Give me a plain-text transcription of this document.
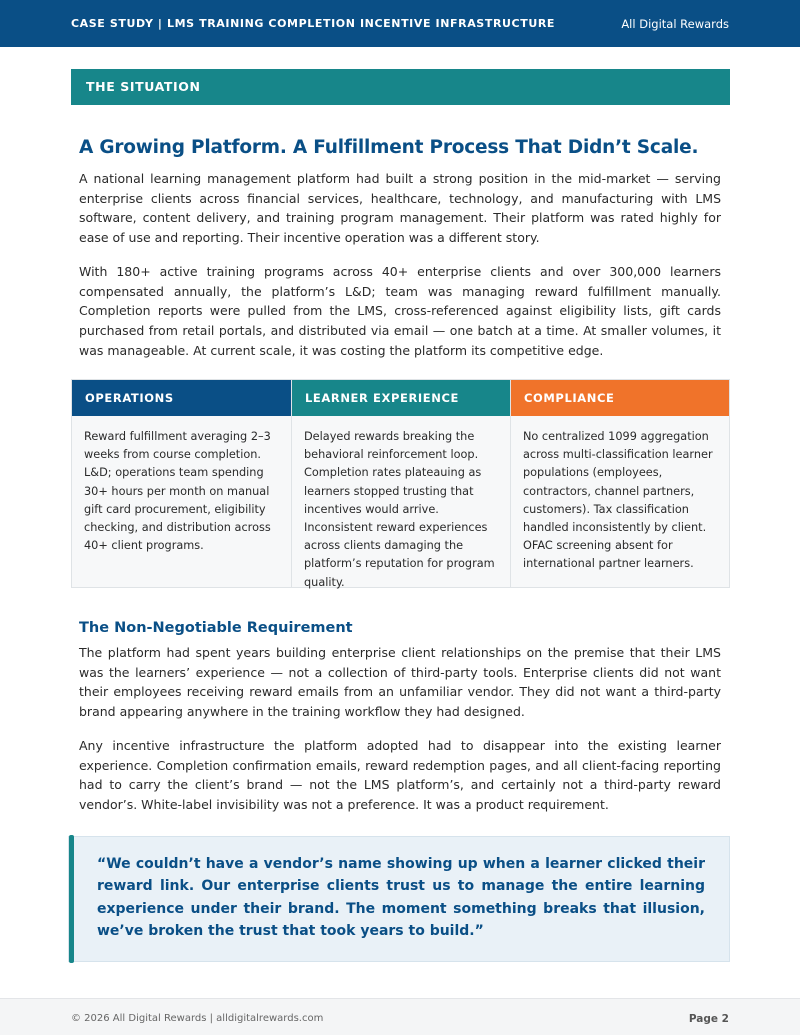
CASE STUDY | LMS TRAINING COMPLETION INCENTIVE INFRASTRUCTURE	All Digital Rewards
THE SITUATION
A Growing Platform. A Fulfillment Process That Didn’t Scale.

A national learning management platform had built a strong position in the mid-market — serving enterprise clients across financial services, healthcare, technology, and manufacturing with LMS software, content delivery, and training program management. Their platform was rated highly for ease of use and reporting. Their incentive operation was a different story.

With 180+ active training programs across 40+ enterprise clients and over 300,000 learners compensated annually, the platform’s L&D; team was managing reward fulfillment manually. Completion reports were pulled from the LMS, cross-referenced against eligibility lists, gift cards purchased from retail portals, and distributed via email — one batch at a time. At smaller volumes, it was manageable. At current scale, it was costing the platform its competitive edge.

OPERATIONS
Reward fulfillment averaging 2–3 weeks from course completion. L&D; operations team spending 30+ hours per month on manual gift card procurement, eligibility checking, and distribution across 40+ client programs.
LEARNER EXPERIENCE
Delayed rewards breaking the behavioral reinforcement loop. Completion rates plateauing as learners stopped trusting that incentives would arrive. Inconsistent reward experiences across clients damaging the platform’s reputation for program quality.
COMPLIANCE
No centralized 1099 aggregation across multi-classification learner populations (employees, contractors, channel partners, customers). Tax classification handled inconsistently by client. OFAC screening absent for international partner learners.
The Non-Negotiable Requirement

The platform had spent years building enterprise client relationships on the premise that their LMS was the learners’ experience — not a collection of third-party tools. Enterprise clients did not want their employees receiving reward emails from an unfamiliar vendor. They did not want a third-party brand appearing anywhere in the training workflow they had designed.

Any incentive infrastructure the platform adopted had to disappear into the existing learner experience. Completion confirmation emails, reward redemption pages, and all client-facing reporting had to carry the client’s brand — not the LMS platform’s, and certainly not a third-party reward vendor’s. White-label invisibility was not a preference. It was a product requirement.

“We couldn’t have a vendor’s name showing up when a learner clicked their reward link. Our enterprise clients trust us to manage the entire learning experience under their brand. The moment something breaks that illusion, we’ve broken the trust that took years to build.”

© 2026 All Digital Rewards | alldigitalrewards.com	Page 2
